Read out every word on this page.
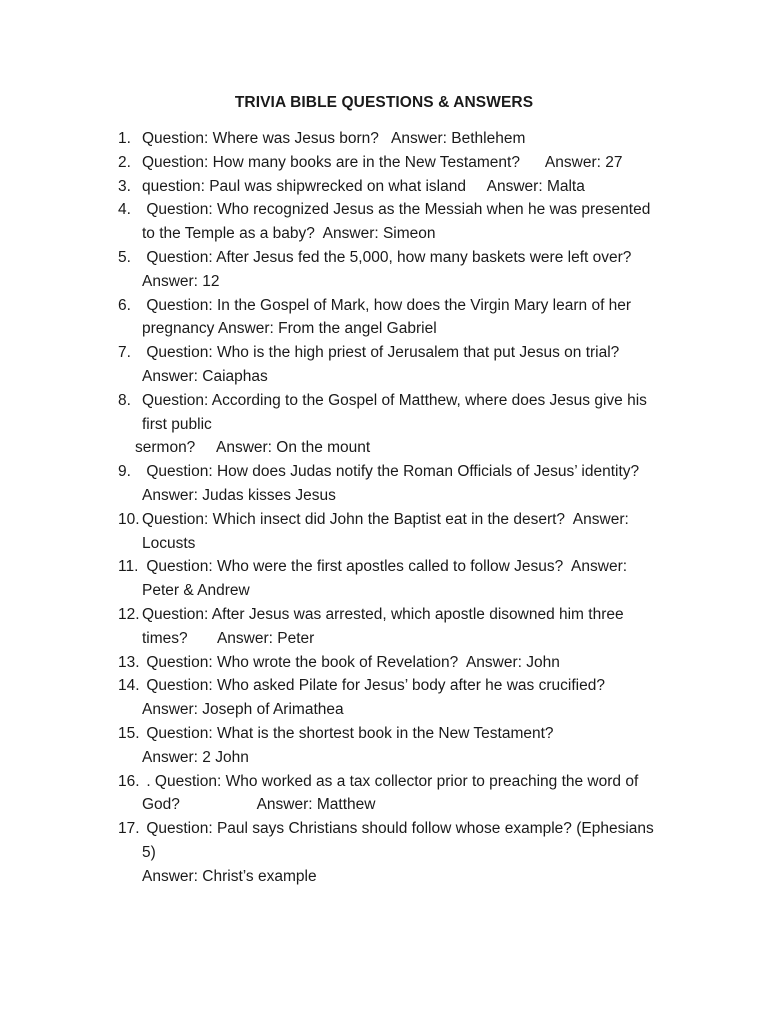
TRIVIA BIBLE QUESTIONS & ANSWERS
1. Question: Where was Jesus born?   Answer: Bethlehem
2. Question: How many books are in the New Testament?      Answer: 27
3. question: Paul was shipwrecked on what island     Answer: Malta
4. Question: Who recognized Jesus as the Messiah when he was presented
to the Temple as a baby?  Answer: Simeon
5. Question: After Jesus fed the 5,000, how many baskets were left over?
Answer: 12
6. Question: In the Gospel of Mark, how does the Virgin Mary learn of her
pregnancy Answer: From the angel Gabriel
7. Question: Who is the high priest of Jerusalem that put Jesus on trial?
Answer: Caiaphas
8. Question: According to the Gospel of Matthew, where does Jesus give his
first public
sermon?     Answer: On the mount
9. Question: How does Judas notify the Roman Officials of Jesus’ identity?
Answer: Judas kisses Jesus
10. Question: Which insect did John the Baptist eat in the desert?  Answer:
Locusts
11. Question: Who were the first apostles called to follow Jesus?  Answer:
Peter & Andrew
12. Question: After Jesus was arrested, which apostle disowned him three
times?       Answer: Peter
13. Question: Who wrote the book of Revelation?  Answer: John
14. Question: Who asked Pilate for Jesus’ body after he was crucified?
Answer: Joseph of Arimathea
15. Question: What is the shortest book in the New Testament?
Answer: 2 John
16. . Question: Who worked as a tax collector prior to preaching the word of
God?                  Answer: Matthew
17. Question: Paul says Christians should follow whose example? (Ephesians
5)
Answer: Christ’s example
